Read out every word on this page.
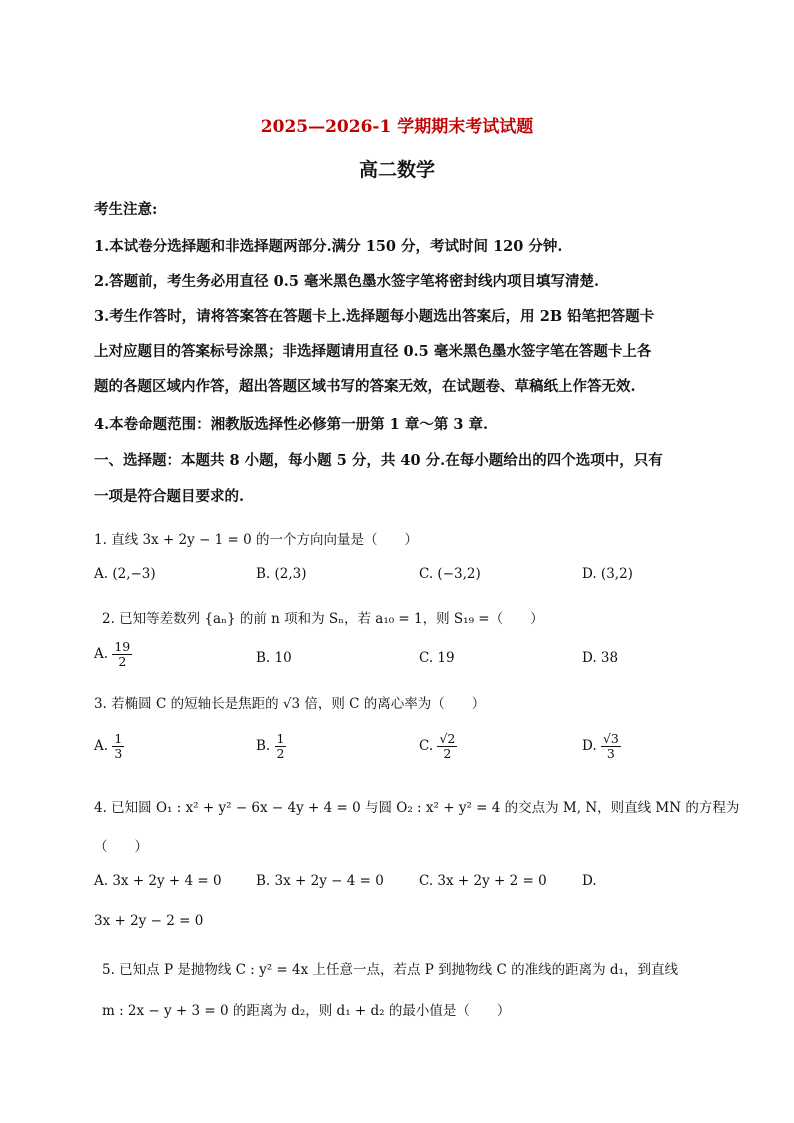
2025—2026-1 学期期末考试试题
高二数学
考生注意:
1.本试卷分选择题和非选择题两部分.满分 150 分，考试时间 120 分钟.
2.答题前，考生务必用直径 0.5 毫米黑色墨水签字笔将密封线内项目填写清楚.
3.考生作答时，请将答案答在答题卡上.选择题每小题选出答案后，用 2B 铅笔把答题卡
上对应题目的答案标号涂黑；非选择题请用直径 0.5 毫米黑色墨水签字笔在答题卡上各
题的各题区域内作答，超出答题区域书写的答案无效，在试题卷、草稿纸上作答无效.
4.本卷命题范围：湘教版选择性必修第一册第 1 章～第 3 章.
一、选择题：本题共 8 小题，每小题 5 分，共 40 分.在每小题给出的四个选项中，只有
一项是符合题目要求的.
1. 直线 3x + 2y − 1 = 0 的一个方向向量是（　　）
A. (2,−3)	B. (2,3)	C. (−3,2)	D. (3,2)
2. 已知等差数列 {aₙ} 的前 n 项和为 Sₙ，若 a₁₀ = 1，则 S₁₉ =（　　）
A. $\frac{19}{2}$	B. 10	C. 19	D. 38
3. 若椭圆 C 的短轴长是焦距的 √3 倍，则 C 的离心率为（　　）
A. $\frac{1}{3}$	B. $\frac{1}{2}$	C. $\frac{√2}{2}$	D. $\frac{√3}{3}$
4. 已知圆 O₁ : x² + y² − 6x − 4y + 4 = 0 与圆 O₂ : x² + y² = 4 的交点为 M, N，则直线 MN 的方程为
（　　）
A. 3x + 2y + 4 = 0	B. 3x + 2y − 4 = 0	C. 3x + 2y + 2 = 0	D.
3x + 2y − 2 = 0
5. 已知点 P 是抛物线 C : y² = 4x 上任意一点，若点 P 到抛物线 C 的准线的距离为 d₁，到直线
m : 2x − y + 3 = 0 的距离为 d₂，则 d₁ + d₂ 的最小值是（　　）
